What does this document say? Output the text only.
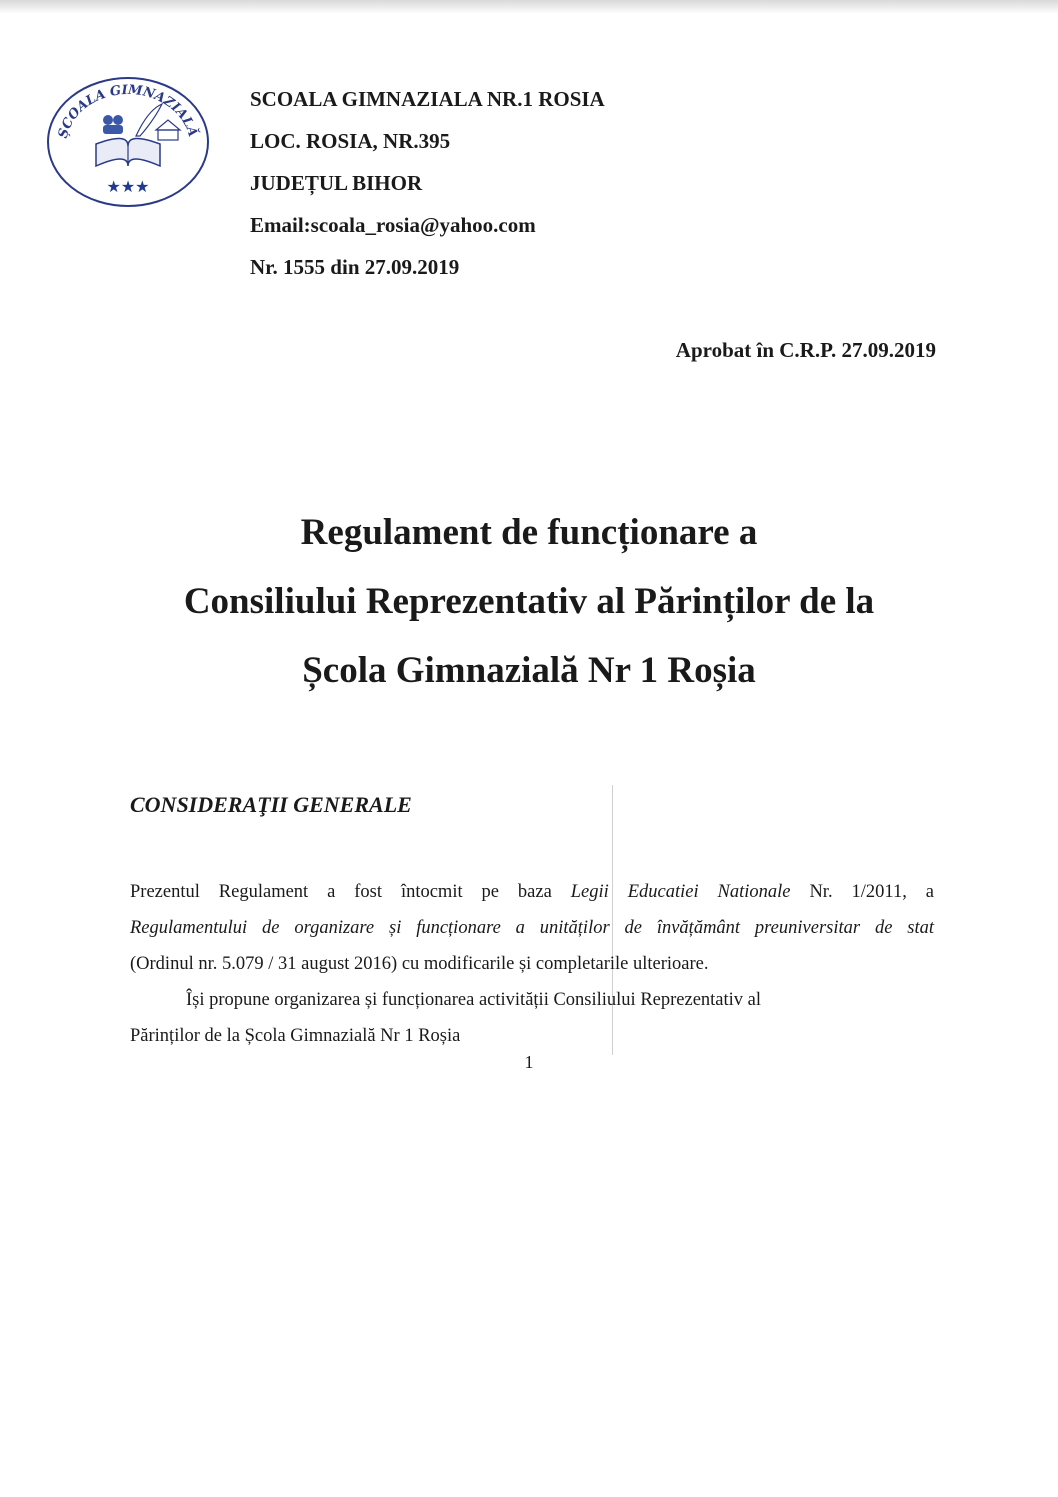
ȘCOALA GIMNAZIALĂ
★★★
SCOALA GIMNAZIALA NR.1 ROSIA
LOC. ROSIA, NR.395
JUDEȚUL BIHOR
Email:scoala_rosia@yahoo.com
Nr. 1555 din 27.09.2019
Aprobat în C.R.P. 27.09.2019
Regulament de funcționare a
Consiliului Reprezentativ al Părinților de la
Școla Gimnazială Nr 1 Roșia
CONSIDERAŢII GENERALE
Prezentul Regulament a fost întocmit pe baza Legii Educatiei Nationale Nr. 1/2011, a
Regulamentului de organizare și funcționare a unităților de învățământ preuniversitar de stat
(Ordinul nr. 5.079 / 31 august 2016) cu modificarile și completarile ulterioare.
Își propune organizarea și funcționarea activității Consiliului Reprezentativ al
Părinților de la Școla Gimnazială Nr 1 Roșia
1
